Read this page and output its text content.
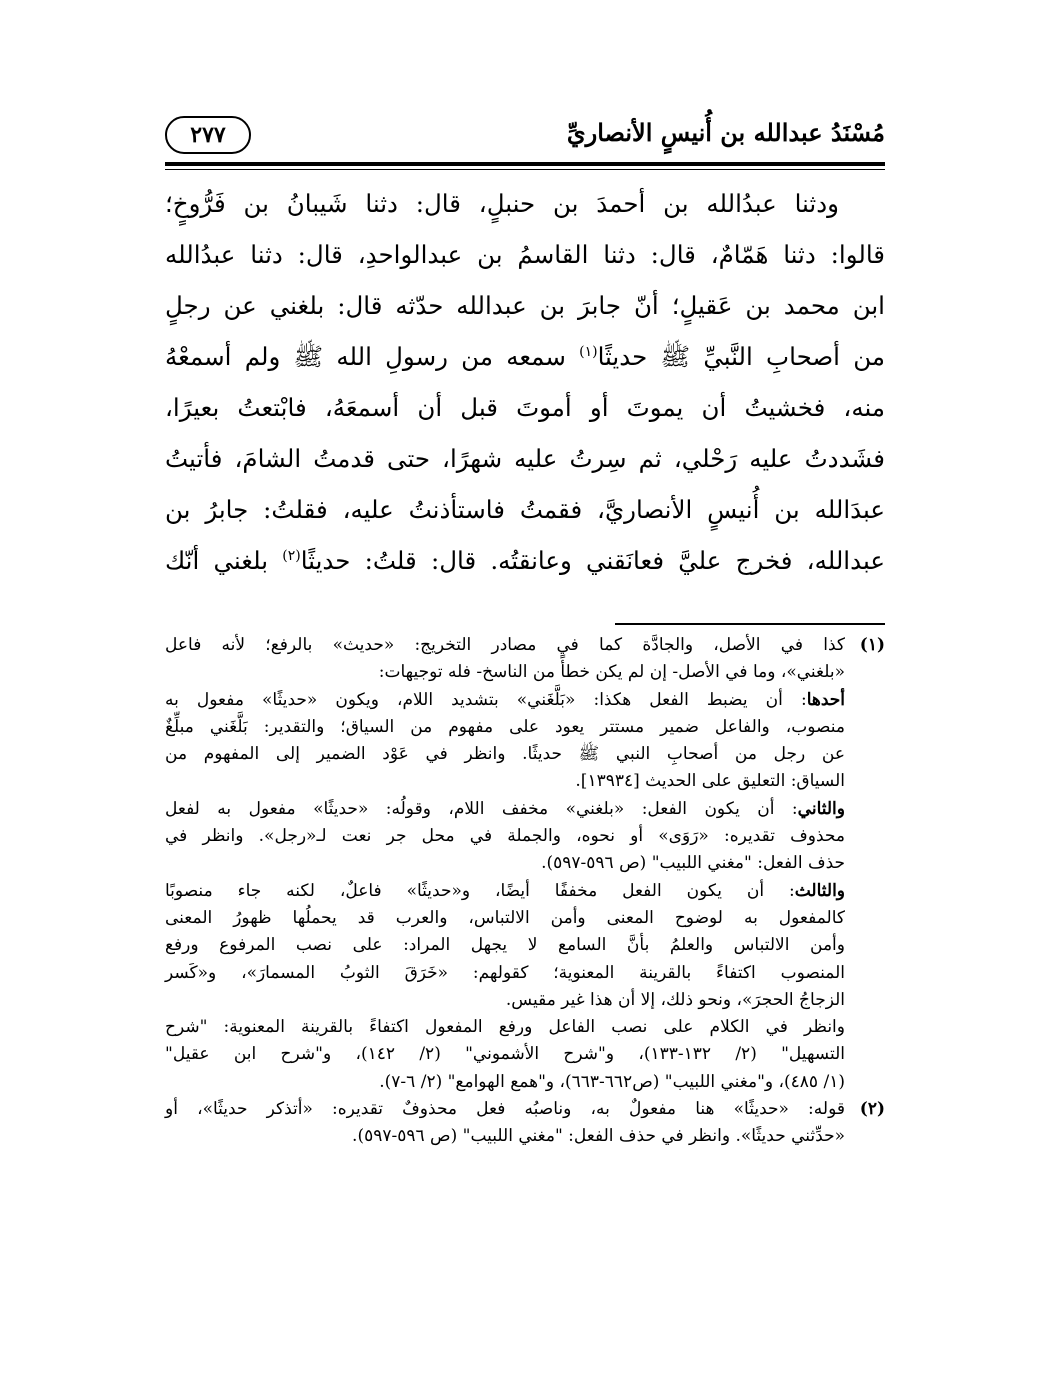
مُسْنَدُ عبدالله بن أُنيسٍ الأنصاريِّ
٢٧٧
ودثنا عبدُالله بن أحمدَ بن حنبلٍ، قال: دثنا شَيبانُ بن فَرُّوخٍ؛
قالوا: دثنا هَمّامٌ، قال: دثنا القاسمُ بن عبدالواحدِ، قال: دثنا عبدُالله
ابن محمد بن عَقيلٍ؛ أنّ جابرَ بن عبدالله حدّثه قال: بلغني عن رجلٍ
من أصحابِ النَّبيِّ ﷺ حديثًا$^{(١)}$ سمعه من رسولِ الله ﷺ ولم أسمعْهُ
منه، فخشيتُ أن يموتَ أو أموتَ قبل أن أسمعَهُ، فابْتعتُ بعيرًا،
فشَددتُ عليه رَحْلي، ثم سِرتُ عليه شهرًا، حتى قدمتُ الشامَ، فأتيتُ
عبدَالله بن أُنيسٍ الأنصاريَّ، فقمتُ فاستأذنتُ عليه، فقلتُ: جابرُ بن
عبدالله، فخرج عليَّ فعانَقني وعانقتُه. قال: قلتُ: حديثًا$^{(٢)}$ بلغني أنّك
(١)
كذا في الأصل، والجادَّة كما في مصادر التخريج: «حديث» بالرفع؛ لأنه فاعل
«بلغني»، وما في الأصل- إن لم يكن خطأً من الناسخ- فله توجيهات:
أحدها: أن يضبط الفعل هكذا: «بَلَّغَني» بتشديد اللام، ويكون «حديثًا» مفعول به
منصوب، والفاعل ضمير مستتر يعود على مفهوم من السياق؛ والتقدير: بَلَّغَني مبلِّغٌ
عن رجل من أصحابِ النبي ﷺ حديثًا. وانظر في عَوْد الضمير إلى المفهوم من
السياق: التعليق على الحديث [١٣٩٣٤].
والثاني: أن يكون الفعل: «بلغني» مخفف اللام، وقولُه: «حديثًا» مفعول به لفعل
محذوف تقديره: «رَوَى» أو نحوه، والجملة في محل جر نعت لـ«رجل». وانظر في
حذف الفعل: "مغني اللبيب" (ص ٥٩٦-٥٩٧).
والثالث: أن يكون الفعل مخففًا أيضًا، و«حديثًا» فاعلٌ، لكنه جاء منصوبًا
كالمفعول به لوضوح المعنى وأمن الالتباس، والعرب قد يحملُها ظهورُ المعنى
وأمن الالتباس والعلمُ بأنَّ السامع لا يجهل المراد: على نصب المرفوع ورفع
المنصوب اكتفاءً بالقرينة المعنوية؛ كقولهم: «خَرَقَ الثوبُ المسمارَ»، و«كَسر
الزجاجُ الحجرَ»، ونحو ذلك، إلا أن هذا غير مقيس.
وانظر في الكلام على نصب الفاعل ورفع المفعول اكتفاءً بالقرينة المعنوية: "شرح
التسهيل" (٢/ ١٣٢-١٣٣)، و"شرح الأشموني" (٢/ ١٤٢)، و"شرح ابن عقيل"
(١/ ٤٨٥)، و"مغني اللبيب" (ص٦٦٢-٦٦٣)، و"همع الهوامع" (٢/ ٦-٧).
(٢)
قوله: «حديثًا» هنا مفعولٌ به، وناصبُه فعل محذوفٌ تقديره: «أتذكر حديثًا»، أو
«حدِّثني حديثًا». وانظر في حذف الفعل: "مغني اللبيب" (ص ٥٩٦-٥٩٧).
